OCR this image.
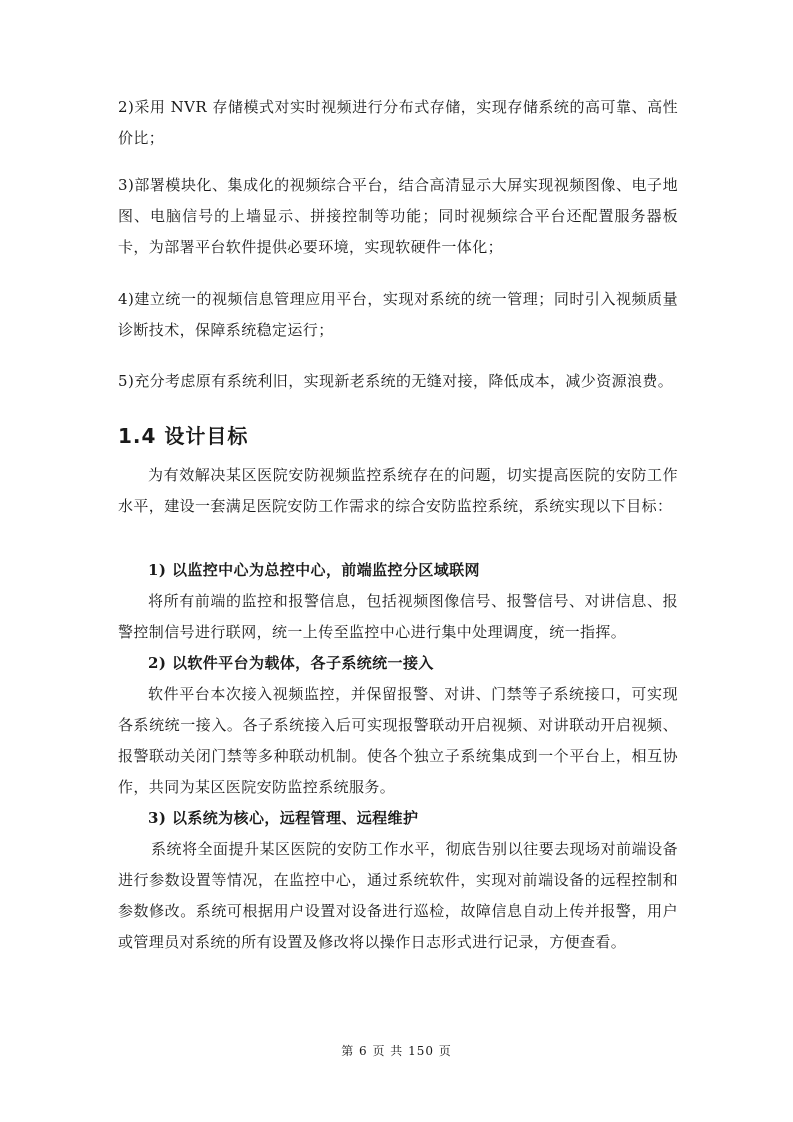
2)采用 NVR 存储模式对实时视频进行分布式存储，实现存储系统的高可靠、高性价比；

3)部署模块化、集成化的视频综合平台，结合高清显示大屏实现视频图像、电子地图、电脑信号的上墙显示、拼接控制等功能；同时视频综合平台还配置服务器板卡，为部署平台软件提供必要环境，实现软硬件一体化；

4)建立统一的视频信息管理应用平台，实现对系统的统一管理；同时引入视频质量诊断技术，保障系统稳定运行；

5)充分考虑原有系统利旧，实现新老系统的无缝对接，降低成本，减少资源浪费。

1.4 设计目标

为有效解决某区医院安防视频监控系统存在的问题，切实提高医院的安防工作水平，建设一套满足医院安防工作需求的综合安防监控系统，系统实现以下目标：

1) 以监控中心为总控中心，前端监控分区域联网

将所有前端的监控和报警信息，包括视频图像信号、报警信号、对讲信息、报警控制信号进行联网，统一上传至监控中心进行集中处理调度，统一指挥。

2) 以软件平台为载体，各子系统统一接入

软件平台本次接入视频监控，并保留报警、对讲、门禁等子系统接口，可实现各系统统一接入。各子系统接入后可实现报警联动开启视频、对讲联动开启视频、报警联动关闭门禁等多种联动机制。使各个独立子系统集成到一个平台上，相互协作，共同为某区医院安防监控系统服务。

3) 以系统为核心，远程管理、远程维护

系统将全面提升某区医院的安防工作水平，彻底告别以往要去现场对前端设备进行参数设置等情况，在监控中心，通过系统软件，实现对前端设备的远程控制和参数修改。系统可根据用户设置对设备进行巡检，故障信息自动上传并报警，用户或管理员对系统的所有设置及修改将以操作日志形式进行记录，方便查看。

第 6 页 共 150 页
